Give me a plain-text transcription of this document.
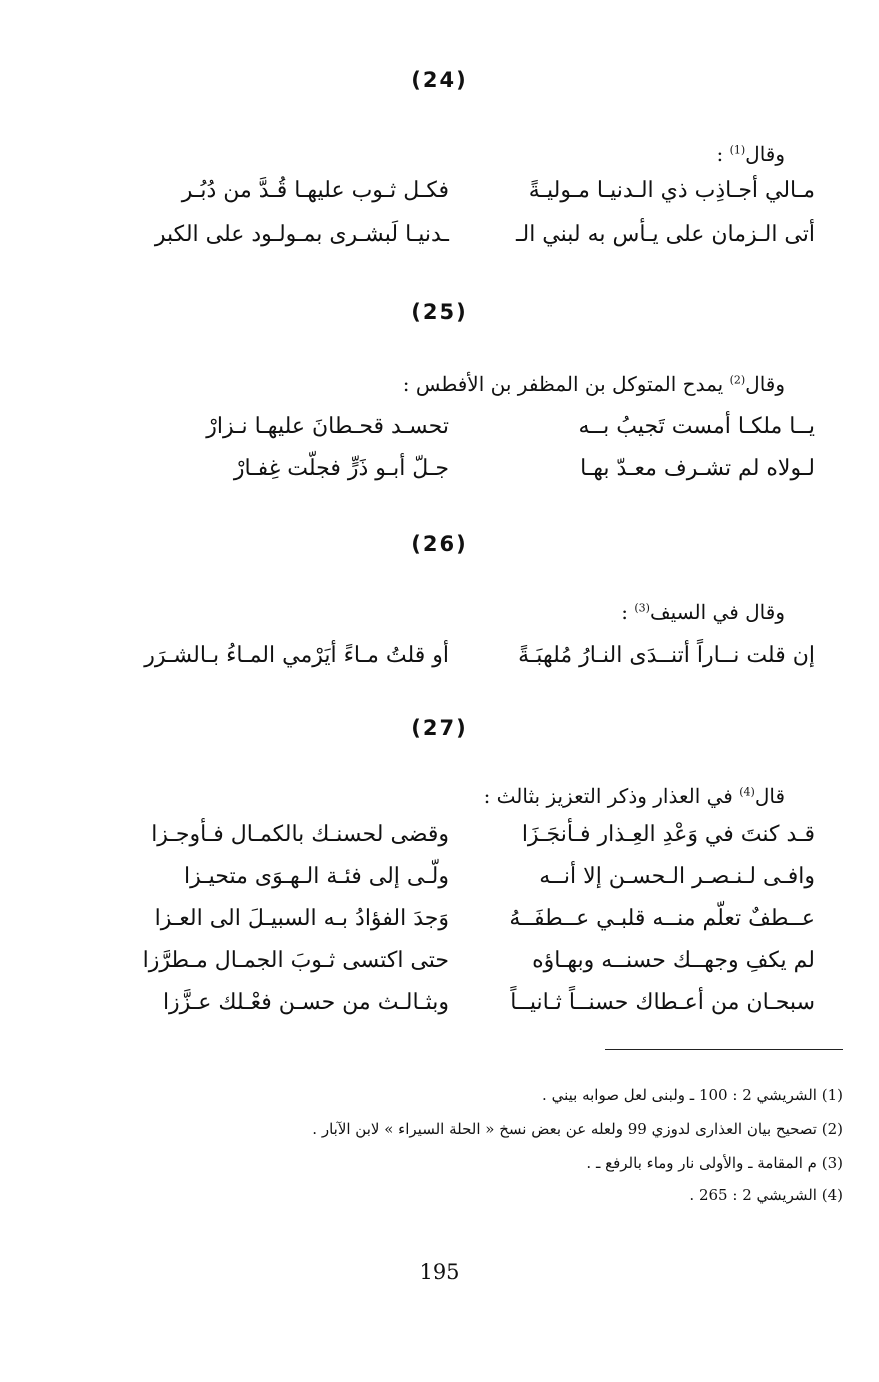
(24)
وقال$^{(1)}$ :
مـالي أجـاذِب ذي الـدنيـا مـوليـةً
فكـل ثـوب عليهـا قُـدَّ من دُبُـر
أتى الـزمان على يـأس به لبني الـ
ـدنيـا لَبشـرى بمـولـود على الكبر
(25)
وقال$^{(2)}$ يمدح المتوكل بن المظفر بن الأفطس :
يــا ملكـا أمست تَجيبُ بــه
تحسـد قحـطانَ عليهـا نـزارْ
لـولاه لم تشـرف معـدّ بهـا
جـلّ أبـو ذَرٍّ فجلّت غِفـارْ
(26)
وقال في السيف$^{(3)}$ :
إن قلت نــاراً أتنــدَى النـارُ مُلهبَـةً
أو قلتُ مـاءً أيَرْمي المـاءُ بـالشـرَر
(27)
قال$^{(4)}$ في العذار وذكر التعزيز بثالث :
قـد كنتَ في وَعْدِ العِـذار فـأنجَـزَا
وقضى لحسنـك بالكمـال فـأوجـزا
وافـى لـنـصـر الـحسـن إلا أنــه
ولّـى إلى فئـة الـهـوَى متحيـزا
عــطفٌ تعلّم منــه قلبـي عــطفَــهُ
وَجدَ الفؤادُ بـه السبيـلَ الى العـزا
لم يكفِ وجهــك حسنــه وبهـاؤه
حتى اكتسى ثـوبَ الجمـال مـطرَّزا
سبحـان من أعـطاك حسنــاً ثـانيــاً
وبثـالـث من حسـن فعْـلك عـزَّزا
(1) الشريشي 2 : 100 ـ ولبنى لعل صوابه بيني .
(2) تصحيح بيان العذارى لدوزي 99 ولعله عن بعض نسخ « الحلة السيراء » لابن الآبار .
(3) م المقامة ـ والأولى نار وماء بالرفع ـ .
(4) الشريشي 2 : 265 .
195
